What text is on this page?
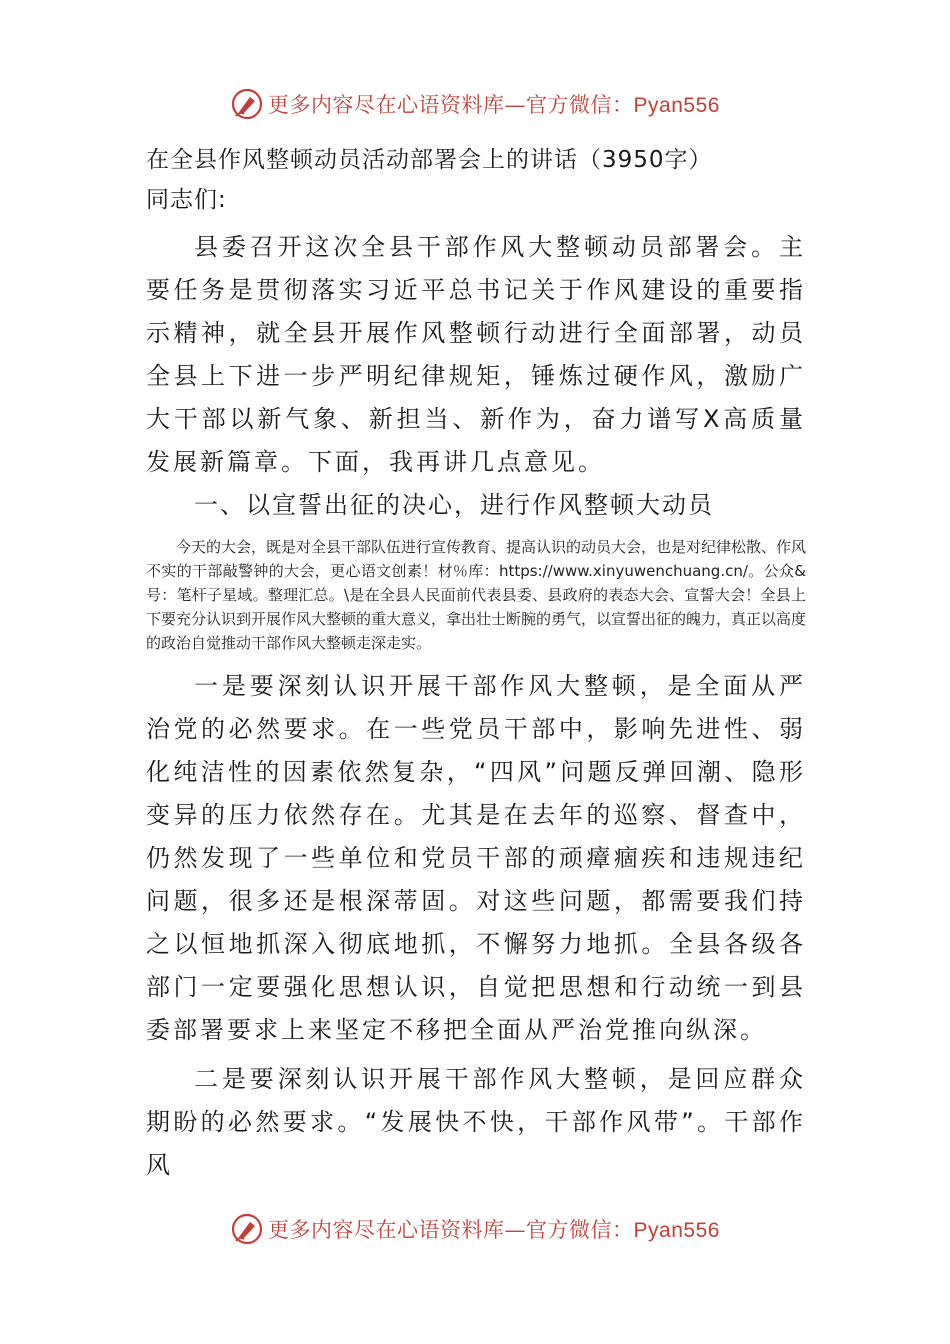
更多内容尽在心语资料库—官方微信：Pyan556
在全县作风整顿动员活动部署会上的讲话（3950字）
同志们:

县委召开这次全县干部作风大整顿动员部署会。主要任务是贯彻落实习近平总书记关于作风建设的重要指示精神，就全县开展作风整顿行动进行全面部署，动员全县上下进一步严明纪律规矩，锤炼过硬作风，激励广大干部以新气象、新担当、新作为，奋力谱写X高质量发展新篇章。下面，我再讲几点意见。

一、以宣誓出征的决心，进行作风整顿大动员

今天的大会，既是对全县干部队伍进行宣传教育、提高认识的动员大会，也是对纪律松散、作风不实的干部敲警钟的大会，更心语文创素！材％库：https://www.xinyuwenchuang.cn/。公众&号：笔杆子星域。整理汇总。\是在全县人民面前代表县委、县政府的表态大会、宣誓大会！全县上下要充分认识到开展作风大整顿的重大意义，拿出壮士断腕的勇气，以宣誓出征的魄力，真正以高度的政治自觉推动干部作风大整顿走深走实。

一是要深刻认识开展干部作风大整顿，是全面从严治党的必然要求。在一些党员干部中，影响先进性、弱化纯洁性的因素依然复杂，“四风”问题反弹回潮、隐形变异的压力依然存在。尤其是在去年的巡察、督查中，仍然发现了一些单位和党员干部的顽瘴痼疾和违规违纪问题，很多还是根深蒂固。对这些问题，都需要我们持之以恒地抓深入彻底地抓，不懈努力地抓。全县各级各部门一定要强化思想认识，自觉把思想和行动统一到县委部署要求上来坚定不移把全面从严治党推向纵深。

二是要深刻认识开展干部作风大整顿，是回应群众期盼的必然要求。“发展快不快，干部作风带”。干部作风

更多内容尽在心语资料库—官方微信：Pyan556
